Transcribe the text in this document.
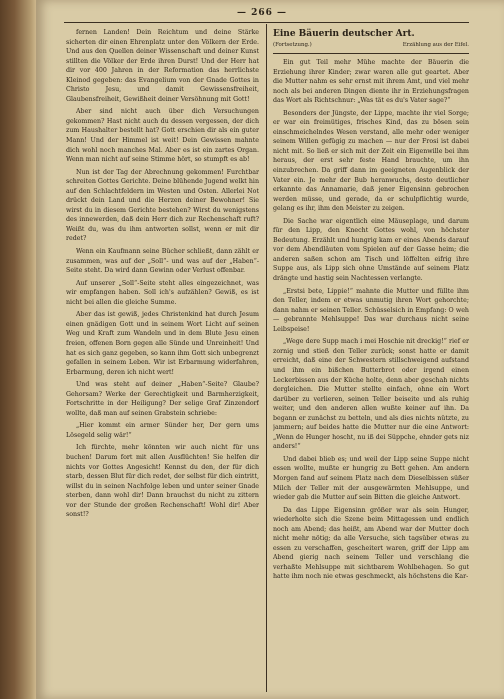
— 266 —

fernen Landen! Dein Reichtum und deine Stärke sicherten dir einen Ehrenplatz unter den Völkern der Erde. Und aus den Quellen deiner Wissenschaft und deiner Kunst stillten die Völker der Erde ihren Durst! Und der Herr hat dir vor 400 Jahren in der Reformation das herrlichste Kleinod gegeben: das Evangelium von der Gnade Gottes in Christo Jesu, und damit Gewissensfreiheit, Glaubensfreiheit, Gewißheit deiner Versöhnung mit Gott!

Aber sind nicht auch über dich Versuchungen gekommen? Hast nicht auch du dessen vergessen, der dich zum Haushalter bestellt hat? Gott erschien dir als ein guter Mann! Und der Himmel ist weit! Dein Gewissen mahnte dich wohl noch manches Mal. Aber es ist ein zartes Organ. Wenn man nicht auf seine Stimme hört, so stumpft es ab!

Nun ist der Tag der Abrechnung gekommen! Furchtbar schreiten Gottes Gerichte. Deine blühende Jugend welkt hin auf den Schlachtfeldern im Westen und Osten. Allerlei Not drückt dein Land und die Herzen deiner Bewohner! Sie wirst du in diesem Gerichte bestehen? Wirst du wenigstens des innewerden, daß dein Herr dich zur Rechenschaft ruft? Weißt du, was du ihm antworten sollst, wenn er mit dir redet?

Wenn ein Kaufmann seine Bücher schließt, dann zählt er zusammen, was auf der „Soll“- und was auf der „Haben“-Seite steht. Da wird dann Gewinn oder Verlust offenbar.

Auf unserer „Soll“-Seite steht alles eingezeichnet, was wir empfangen haben. Soll ich's aufzählen? Gewiß, es ist nicht bei allen die gleiche Summe.

Aber das ist gewiß, jedes Christenkind hat durch Jesum einen gnädigen Gott und in seinem Wort Licht auf seinen Weg und Kraft zum Wandeln und in dem Blute Jesu einen freien, offenen Born gegen alle Sünde und Unreinheit! Und hat es sich ganz gegeben, so kann ihm Gott sich unbegrenzt gefallen in seinem Leben. Wir ist Erbarmung widerfahren, Erbarmung, deren ich nicht wert!

Und was steht auf deiner „Haben“-Seite? Glaube? Gehorsam? Werke der Gerechtigkeit und Barmherzigkeit, Fortschritte in der Heiligung? Der selige Graf Zinzendorf wollte, daß man auf seinen Grabstein schriebe:

„Hier kommt ein armer Sünder her, Der gern ums Lösegeld selig wär!“

Ich fürchte, mehr könnten wir auch nicht für uns buchen! Darum fort mit allen Ausflüchten! Sie helfen dir nichts vor Gottes Angesicht! Kennst du den, der für dich starb, dessen Blut für dich redet, der selbst für dich eintritt, willst du in seinen Nachfolge leben und unter seiner Gnade sterben, dann wohl dir! Dann brauchst du nicht zu zittern vor der Stunde der großen Rechenschaft! Wohl dir! Aber sonst!?

Eine Bäuerin deutscher Art.
(Fortsetzung.)	Erzählung aus der Eifel.

Ein gut Teil mehr Mühe machte der Bäuerin die Erziehung ihrer Kinder; zwar waren alle gut geartet. Aber die Mutter nahm es sehr ernst mit ihrem Amt, und viel mehr noch als bei anderen Dingen diente ihr in Erziehungsfragen das Wort als Richtschnur: „Was tät es du's Vater sage?“

Besonders der Jüngste, der Lippe, machte ihr viel Sorge; er war ein freimütiges, frisches Kind, das zu bösen sein einschmeichelndes Wesen verstand, alle mehr oder weniger seinem Willen gefügig zu machen — nur der Frosi ist dabei nicht mit. So ließ er sich mit der Zeit ein Eigenwille bei ihm heraus, der erst sehr feste Hand brauchte, um ihn einzubrechen. Da griff dann im geeigneten Augenblick der Vater ein. Je mehr der Bub heranwuchs, desto deutlicher erkannte das Annamarie, daß jener Eigensinn gebrochen werden müsse, und gerade, da er schulpflichtig wurde, gelang es ihr, ihm den Meister zu zeigen.

Die Sache war eigentlich eine Mäuseplage, und darum für den Lipp, den Knecht Gottes wohl, von höchster Bedeutung. Erzählt und hungrig kam er eines Abends darauf vor dem Abendläuten vom Spielen auf der Gasse heim; die anderen saßen schon am Tisch und löffelten eifrig ihre Suppe aus, als Lipp sich ohne Umstände auf seinem Platz drängte und hastig sein Nachtessen verlangte.

„Erstsi bete, Lippie!“ mahnte die Mutter und füllte ihm den Teller, indem er etwas unmutig ihren Wort gehorchte; dann nahm er seinen Teller. Schüsselsich in Empfang: O weh — gebrannte Mehlsuppe! Das war durchaus nicht seine Leibspeise!

„Wege dere Supp mach i mei Hoschie nit dreckig!“ rief er zornig und stieß den Teller zurück; sonst hatte er damit erreicht, daß eine der Schwestern stillschweigend aufstand und ihm ein bißchen Butterbrot oder irgend einen Leckerbissen aus der Küche holte, denn aber geschah nichts dergleichen. Die Mutter stellte einfach, ohne ein Wort darüber zu verlieren, seinen Teller beiseite und als ruhig weiter, und den anderen allen wußte keiner auf ihn. Da begann er zunächst zu betteln, und als dies nichts nützte, zu jammern; auf beides hatte die Mutter nur die eine Antwort: „Wenn de Hunger hoscht, nu iß dei Süppche, ehnder gets niz anders!“

Und dabei blieb es; und weil der Lipp seine Suppe nicht essen wollte, mußte er hungrig zu Bett gehen. Am andern Morgen fand auf seinem Platz nach dem Dieselbissen süßer Milch der Teller mit der ausgewärmten Mehlsuppe, und wieder gab die Mutter auf sein Bitten die gleiche Antwort.

Da das Lippe Eigensinn größer war als sein Hunger, wiederholte sich die Szene beim Mittagessen und endlich noch am Abend; das heißt, am Abend war der Mutter doch nicht mehr nötig; da alle Versuche, sich tagsüber etwas zu essen zu verschaffen, gescheitert waren, griff der Lipp am Abend gierig nach seinem Teller und verschlang die verhaßte Mehlsuppe mit sichtbarem Wohlbehagen. So gut hatte ihm noch nie etwas geschmeckt, als höchstens die Kar-
